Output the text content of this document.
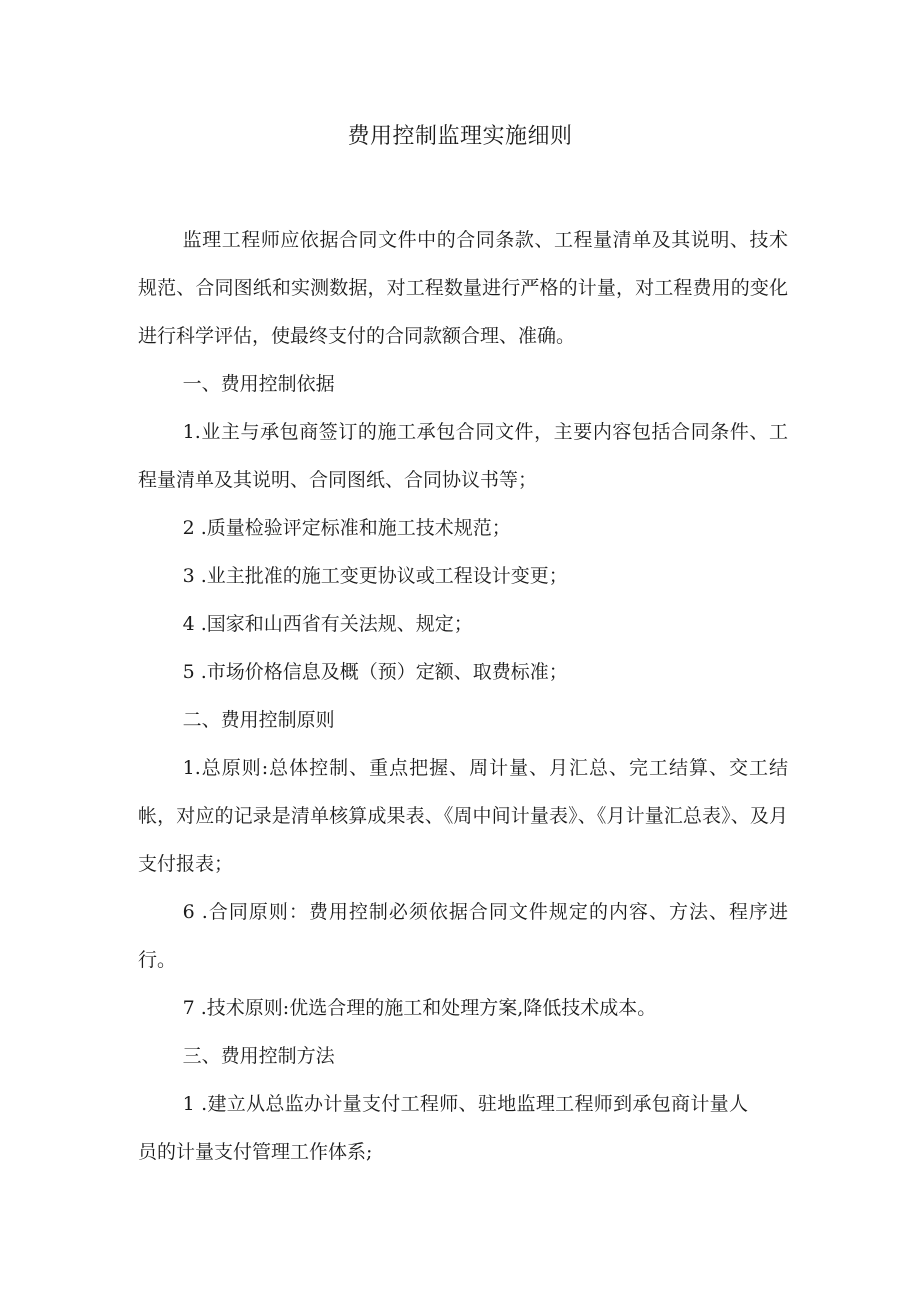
费用控制监理实施细则

监理工程师应依据合同文件中的合同条款、工程量清单及其说明、技术规范、合同图纸和实测数据，对工程数量进行严格的计量，对工程费用的变化进行科学评估，使最终支付的合同款额合理、准确。

一、费用控制依据

1.业主与承包商签订的施工承包合同文件，主要内容包括合同条件、工程量清单及其说明、合同图纸、合同协议书等；

2 .质量检验评定标准和施工技术规范；

3 .业主批准的施工变更协议或工程设计变更；

4 .国家和山西省有关法规、规定；

5 .市场价格信息及概（预）定额、取费标准；

二、费用控制原则

1.总原则:总体控制、重点把握、周计量、月汇总、完工结算、交工结帐，对应的记录是清单核算成果表、《周中间计量表》、《月计量汇总表》、及月支付报表；

6 .合同原则：费用控制必须依据合同文件规定的内容、方法、程序进行。

7 .技术原则:优选合理的施工和处理方案,降低技术成本。

三、费用控制方法

1 .建立从总监办计量支付工程师、驻地监理工程师到承包商计量人员的计量支付管理工作体系;
